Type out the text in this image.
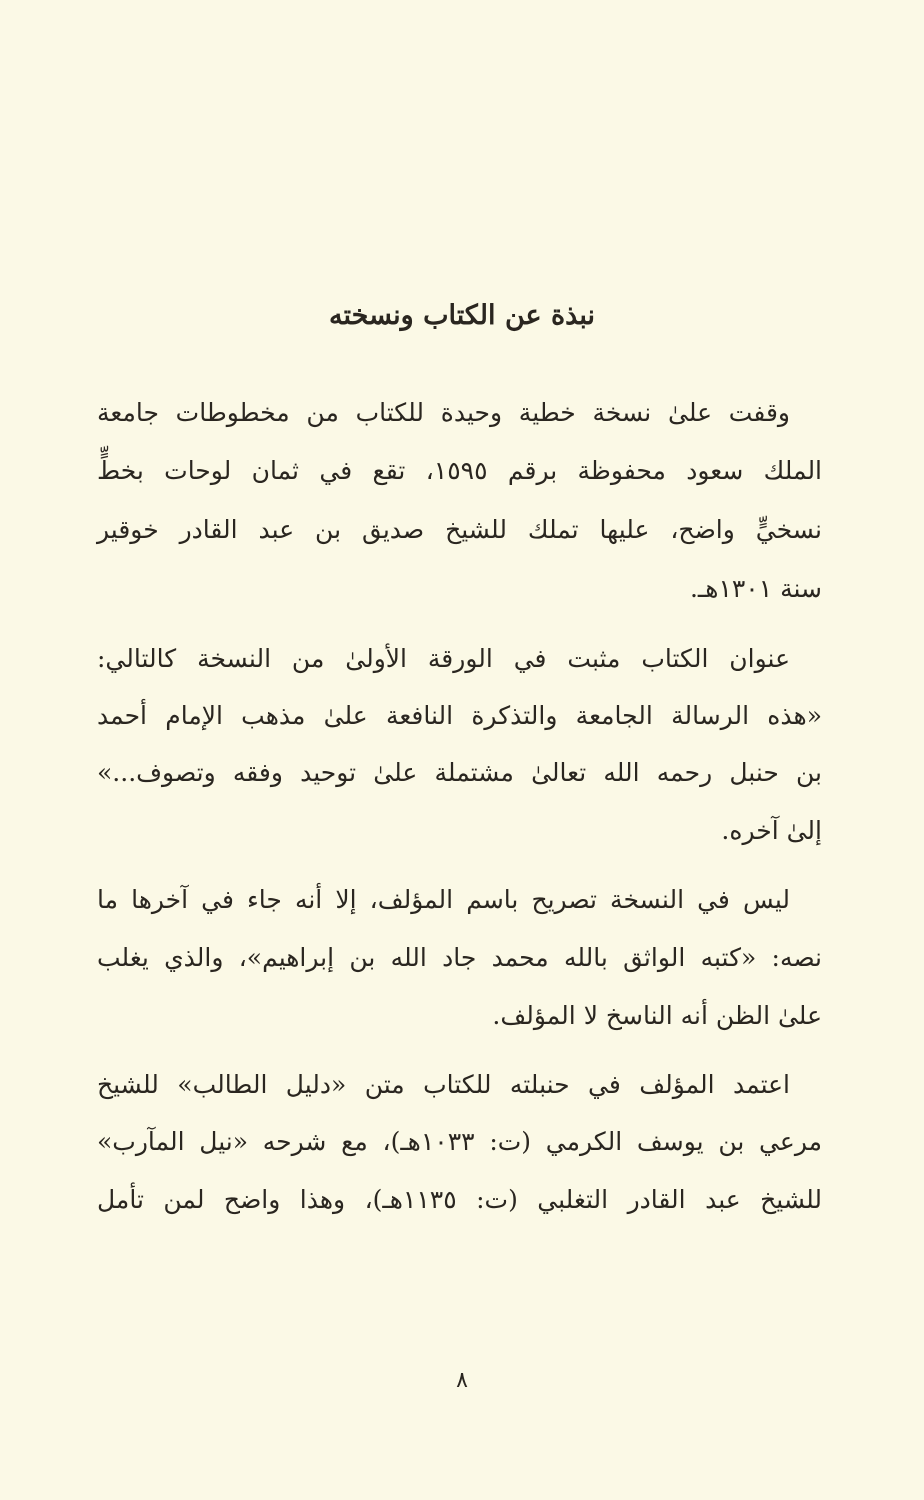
نبذة عن الكتاب ونسخته
وقفت علىٰ نسخة خطية وحيدة للكتاب من مخطوطات جامعة
الملك سعود محفوظة برقم ١٥٩٥، تقع في ثمان لوحات بخطٍّ
نسخيٍّ واضح، عليها تملك للشيخ صديق بن عبد القادر خوقير
سنة ١٣٠١هـ.
عنوان الكتاب مثبت في الورقة الأولىٰ من النسخة كالتالي:
«هذه الرسالة الجامعة والتذكرة النافعة علىٰ مذهب الإمام أحمد
بن حنبل رحمه الله تعالىٰ مشتملة علىٰ توحيد وفقه وتصوف...»
إلىٰ آخره.
ليس في النسخة تصريح باسم المؤلف، إلا أنه جاء في آخرها ما
نصه: «كتبه الواثق بالله محمد جاد الله بن إبراهيم»، والذي يغلب
علىٰ الظن أنه الناسخ لا المؤلف.
اعتمد المؤلف في حنبلته للكتاب متن «دليل الطالب» للشيخ
مرعي بن يوسف الكرمي (ت: ١٠٣٣هـ)، مع شرحه «نيل المآرب»
للشيخ عبد القادر التغلبي (ت: ١١٣٥هـ)، وهذا واضح لمن تأمل
٨
